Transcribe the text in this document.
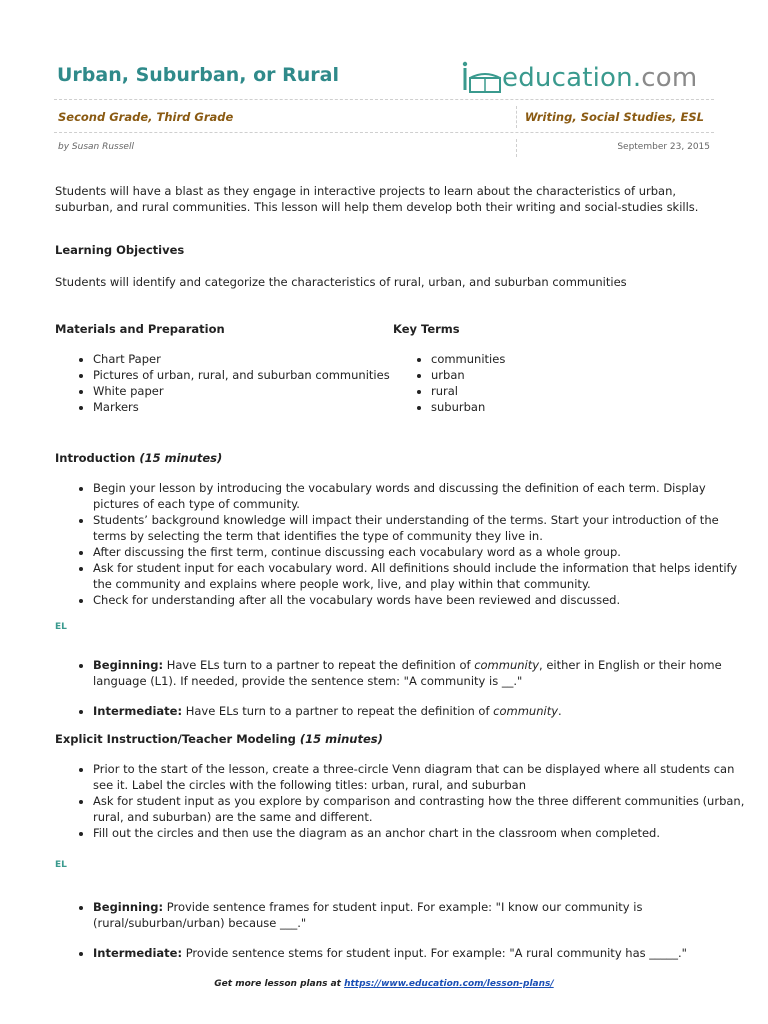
Urban, Suburban, or Rural	education.com
Second Grade, Third Grade	Writing, Social Studies, ESL
by Susan Russell	September 23, 2015
Students will have a blast as they engage in interactive projects to learn about the characteristics of urban, suburban, and rural communities. This lesson will help them develop both their writing and social-studies skills.
Learning Objectives
Students will identify and categorize the characteristics of rural, urban, and suburban communities
Materials and Preparation
• Chart Paper
• Pictures of urban, rural, and suburban communities
• White paper
• Markers
Key Terms
• communities
• urban
• rural
• suburban
Introduction (15 minutes)
• Begin your lesson by introducing the vocabulary words and discussing the definition of each term. Display pictures of each type of community.
• Students’ background knowledge will impact their understanding of the terms. Start your introduction of the terms by selecting the term that identifies the type of community they live in.
• After discussing the first term, continue discussing each vocabulary word as a whole group.
• Ask for student input for each vocabulary word. All definitions should include the information that helps identify the community and explains where people work, live, and play within that community.
• Check for understanding after all the vocabulary words have been reviewed and discussed.
EL
• Beginning: Have ELs turn to a partner to repeat the definition of community, either in English or their home language (L1). If needed, provide the sentence stem: "A community is __."
• Intermediate: Have ELs turn to a partner to repeat the definition of community.
Explicit Instruction/Teacher Modeling (15 minutes)
• Prior to the start of the lesson, create a three-circle Venn diagram that can be displayed where all students can see it. Label the circles with the following titles: urban, rural, and suburban
• Ask for student input as you explore by comparison and contrasting how the three different communities (urban, rural, and suburban) are the same and different.
• Fill out the circles and then use the diagram as an anchor chart in the classroom when completed.
EL
• Beginning: Provide sentence frames for student input. For example: "I know our community is (rural/suburban/urban) because ___."
• Intermediate: Provide sentence stems for student input. For example: "A rural community has _____."
Get more lesson plans at https://www.education.com/lesson-plans/
